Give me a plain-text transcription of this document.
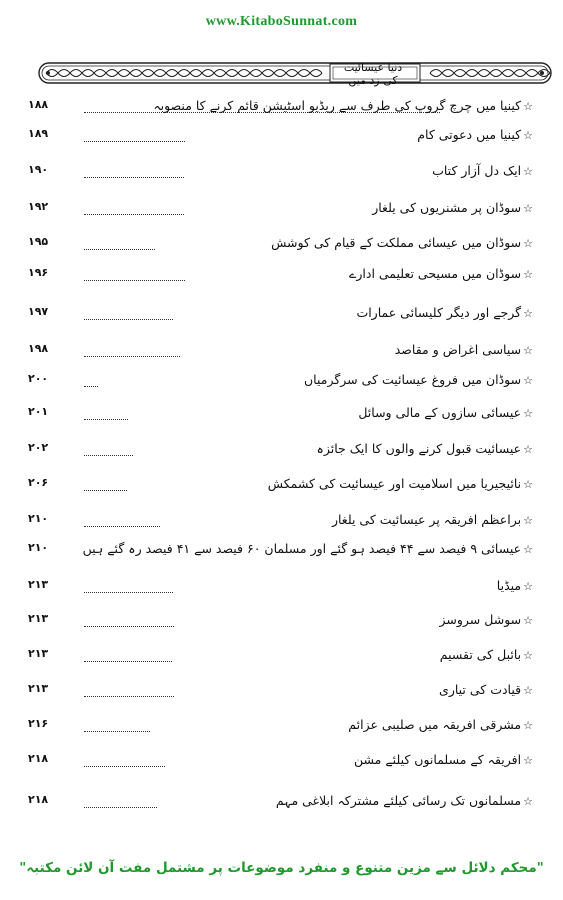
www.KitaboSunnat.com
دنیا عیسائیت کی زد میں
۱۸۸	☆کینیا میں چرچ گروپ کی طرف سے ریڈیو اسٹیشن قائم کرنے کا منصوبہ
۱۸۹	☆کینیا میں دعوتی کام
۱۹۰	☆ایک دل آزار کتاب
۱۹۲	☆سوڈان پر مشنریوں کی یلغار
۱۹۵	☆سوڈان میں عیسائی مملکت کے قیام کی کوشش
۱۹۶	☆سوڈان میں مسیحی تعلیمی ادارے
۱۹۷	☆گرجے اور دیگر کلیسائی عمارات
۱۹۸	☆سیاسی اغراض و مقاصد
۲۰۰	☆سوڈان میں فروغ عیسائیت کی سرگرمیاں
۲۰۱	☆عیسائی سازوں کے مالی وسائل
۲۰۲	☆عیسائیت قبول کرنے والوں کا ایک جائزہ
۲۰۶	☆نائیجیریا میں اسلامیت اور عیسائیت کی کشمکش
۲۱۰	☆براعظم افریقہ پر عیسائیت کی یلغار
۲۱۰	☆عیسائی ۹ فیصد سے ۴۴ فیصد ہو گئے اور مسلمان ۶۰ فیصد سے ۴۱ فیصد رہ گئے ہیں
۲۱۳	☆میڈیا
۲۱۳	☆سوشل سروسز
۲۱۳	☆بائبل کی تقسیم
۲۱۳	☆قیادت کی تیاری
۲۱۶	☆مشرقی افریقہ میں صلیبی عزائم
۲۱۸	☆افریقہ کے مسلمانوں کیلئے مشن
۲۱۸	☆مسلمانوں تک رسائی کیلئے مشترکہ ابلاغی مہم
"محکم دلائل سے مزین متنوع و منفرد موضوعات پر مشتمل مفت آن لائن مکتبہ"
